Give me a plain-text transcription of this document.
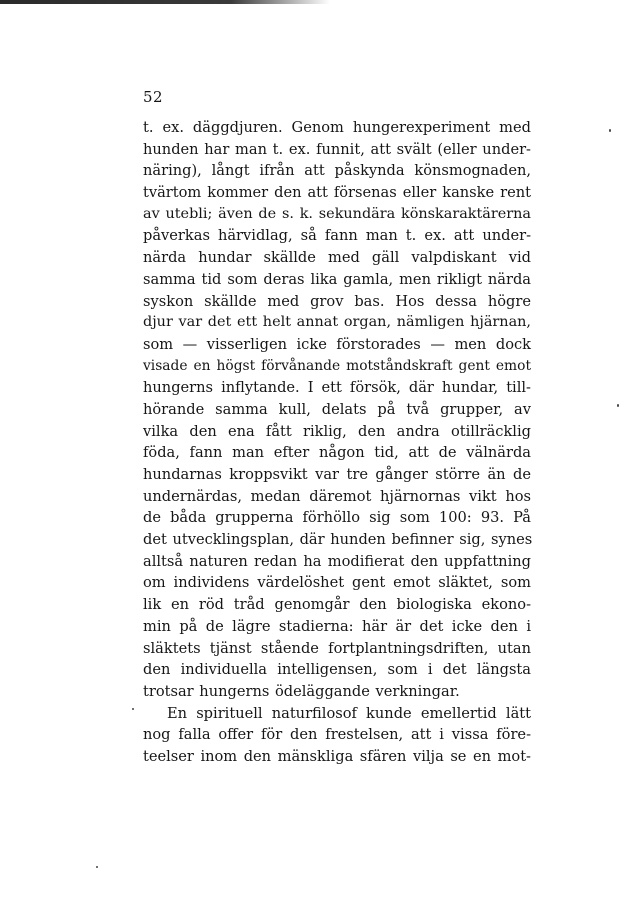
52
t. ex. däggdjuren. Genom hungerexperiment med
hunden har man t. ex. funnit, att svält (eller under-
näring), långt ifrån att påskynda könsmognaden,
tvärtom kommer den att försenas eller kanske rent
av utebli; även de s. k. sekundära könskaraktärerna
påverkas härvidlag, så fann man t. ex. att under-
närda hundar skällde med gäll valpdiskant vid
samma tid som deras lika gamla, men rikligt närda
syskon skällde med grov bas. Hos dessa högre
djur var det ett helt annat organ, nämligen hjärnan,
som — visserligen icke förstorades — men dock
visade en högst förvånande motståndskraft gent emot
hungerns inflytande. I ett försök, där hundar, till-
hörande samma kull, delats på två grupper, av
vilka den ena fått riklig, den andra otillräcklig
föda, fann man efter någon tid, att de välnärda
hundarnas kroppsvikt var tre gånger större än de
undernärdas, medan däremot hjärnornas vikt hos
de båda grupperna förhöllo sig som 100: 93. På
det utvecklingsplan, där hunden befinner sig, synes
alltså naturen redan ha modifierat den uppfattning
om individens värdelöshet gent emot släktet, som
lik en röd tråd genomgår den biologiska ekono-
min på de lägre stadierna: här är det icke den i
släktets tjänst stående fortplantningsdriften, utan
den individuella intelligensen, som i det längsta
trotsar hungerns ödeläggande verkningar.
En spirituell naturfilosof kunde emellertid lätt
nog falla offer för den frestelsen, att i vissa före-
teelser inom den mänskliga sfären vilja se en mot-
